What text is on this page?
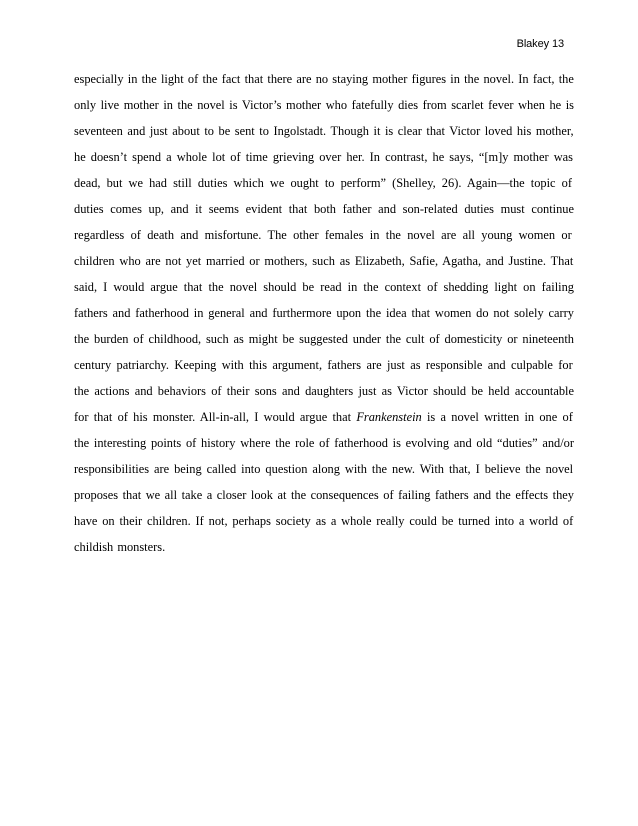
Blakey 13
especially in the light of the fact that there are no staying mother figures in the novel. In fact, the
only live mother in the novel is Victor’s mother who fatefully dies from scarlet fever when he is
seventeen and just about to be sent to Ingolstadt. Though it is clear that Victor loved his mother,
he doesn’t spend a whole lot of time grieving over her. In contrast, he says, “[m]y mother was
dead, but we had still duties which we ought to perform” (Shelley, 26). Again—the topic of
duties comes up, and it seems evident that both father and son-related duties must continue
regardless of death and misfortune. The other females in the novel are all young women or
children who are not yet married or mothers, such as Elizabeth, Safie, Agatha, and Justine. That
said, I would argue that the novel should be read in the context of shedding light on failing
fathers and fatherhood in general and furthermore upon the idea that women do not solely carry
the burden of childhood, such as might be suggested under the cult of domesticity or nineteenth
century patriarchy. Keeping with this argument, fathers are just as responsible and culpable for
the actions and behaviors of their sons and daughters just as Victor should be held accountable
for that of his monster. All-in-all, I would argue that Frankenstein is a novel written in one of
the interesting points of history where the role of fatherhood is evolving and old “duties” and/or
responsibilities are being called into question along with the new. With that, I believe the novel
proposes that we all take a closer look at the consequences of failing fathers and the effects they
have on their children. If not, perhaps society as a whole really could be turned into a world of
childish monsters.
